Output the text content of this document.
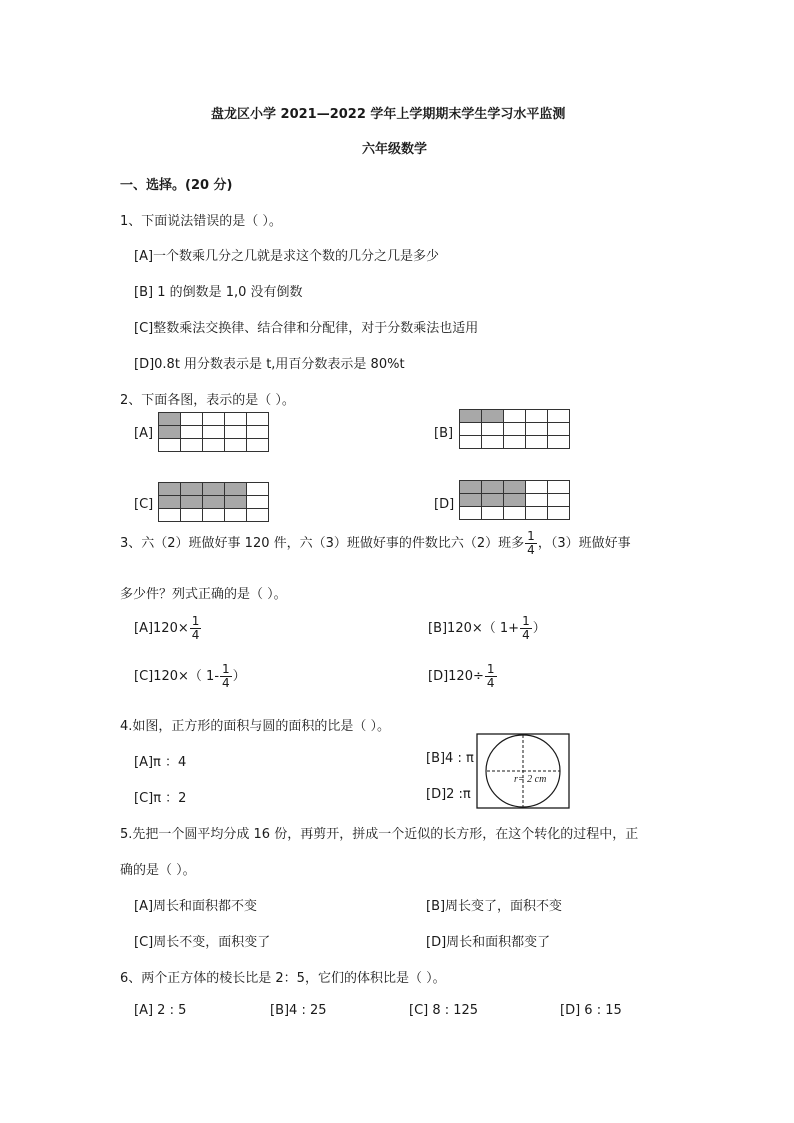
盘龙区小学 2021—2022 学年上学期期末学生学习水平监测
六年级数学
一、选择。(20 分)
1、下面说法错误的是（ ）。
[A]一个数乘几分之几就是求这个数的几分之几是多少
[B] 1 的倒数是 1,0 没有倒数
[C]整数乘法交换律、结合律和分配律，对于分数乘法也适用
[D]0.8t 用分数表示是 t,用百分数表示是 80%t
2、下面各图，表示的是（ ）。
[A]

					[B]

[C]

					[D]

3、六（2）班做好事 120 件，六（3）班做好事的件数比六（2）班多 $\frac{1}{4}$ ，（3）班做好事
多少件？列式正确的是（ ）。
$[A]120\times \frac{1}{4}$	[B]120×（ $1+ \frac{1}{4}$ ）
[C]120×（ $1- \frac{1}{4}$ ）	$[D]120\div \frac{1}{4}$
4.如图，正方形的面积与圆的面积的比是（ ）。
[A]π ：4	[B]4 : π
[C]π ：2	[D]2 :π
r= 2 cm
5.先把一个圆平均分成 16 份，再剪开，拼成一个近似的长方形，在这个转化的过程中，正
确的是（ ）。
[A]周长和面积都不变	[B]周长变了，面积不变
[C]周长不变，面积变了	[D]周长和面积都变了
6、两个正方体的棱长比是 2：5，它们的体积比是（ ）。
[A] 2 : 5	[B]4 : 25	[C] 8 : 125	[D] 6 : 15
